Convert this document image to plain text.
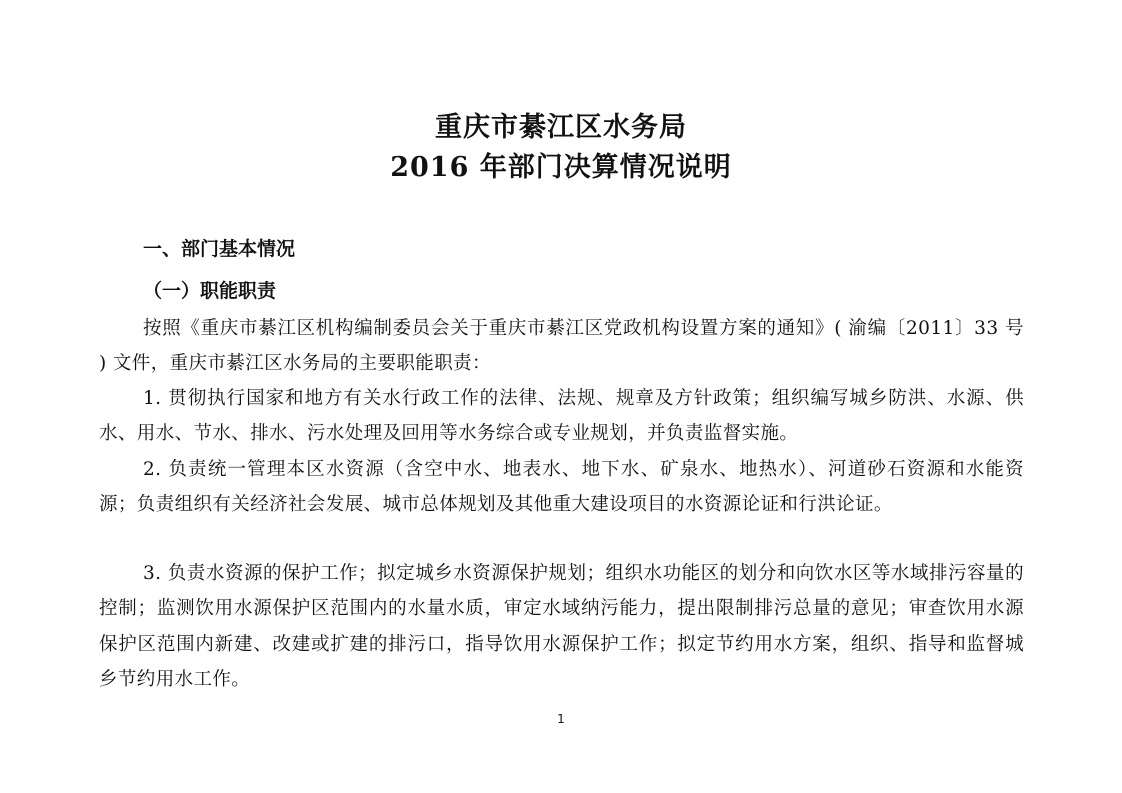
重庆市綦江区水务局
2016 年部门决算情况说明
一、部门基本情况
（一）职能职责
按照《重庆市綦江区机构编制委员会关于重庆市綦江区党政机构设置方案的通知》( 渝编〔2011〕33 号 ) 文件，重庆市綦江区水务局的主要职能职责：
1. 贯彻执行国家和地方有关水行政工作的法律、法规、规章及方针政策；组织编写城乡防洪、水源、供水、用水、节水、排水、污水处理及回用等水务综合或专业规划，并负责监督实施。
2. 负责统一管理本区水资源（含空中水、地表水、地下水、矿泉水、地热水）、河道砂石资源和水能资源；负责组织有关经济社会发展、城市总体规划及其他重大建设项目的水资源论证和行洪论证。
3. 负责水资源的保护工作；拟定城乡水资源保护规划；组织水功能区的划分和向饮水区等水域排污容量的控制；监测饮用水源保护区范围内的水量水质，审定水域纳污能力，提出限制排污总量的意见；审查饮用水源保护区范围内新建、改建或扩建的排污口，指导饮用水源保护工作；拟定节约用水方案，组织、指导和监督城乡节约用水工作。
1
